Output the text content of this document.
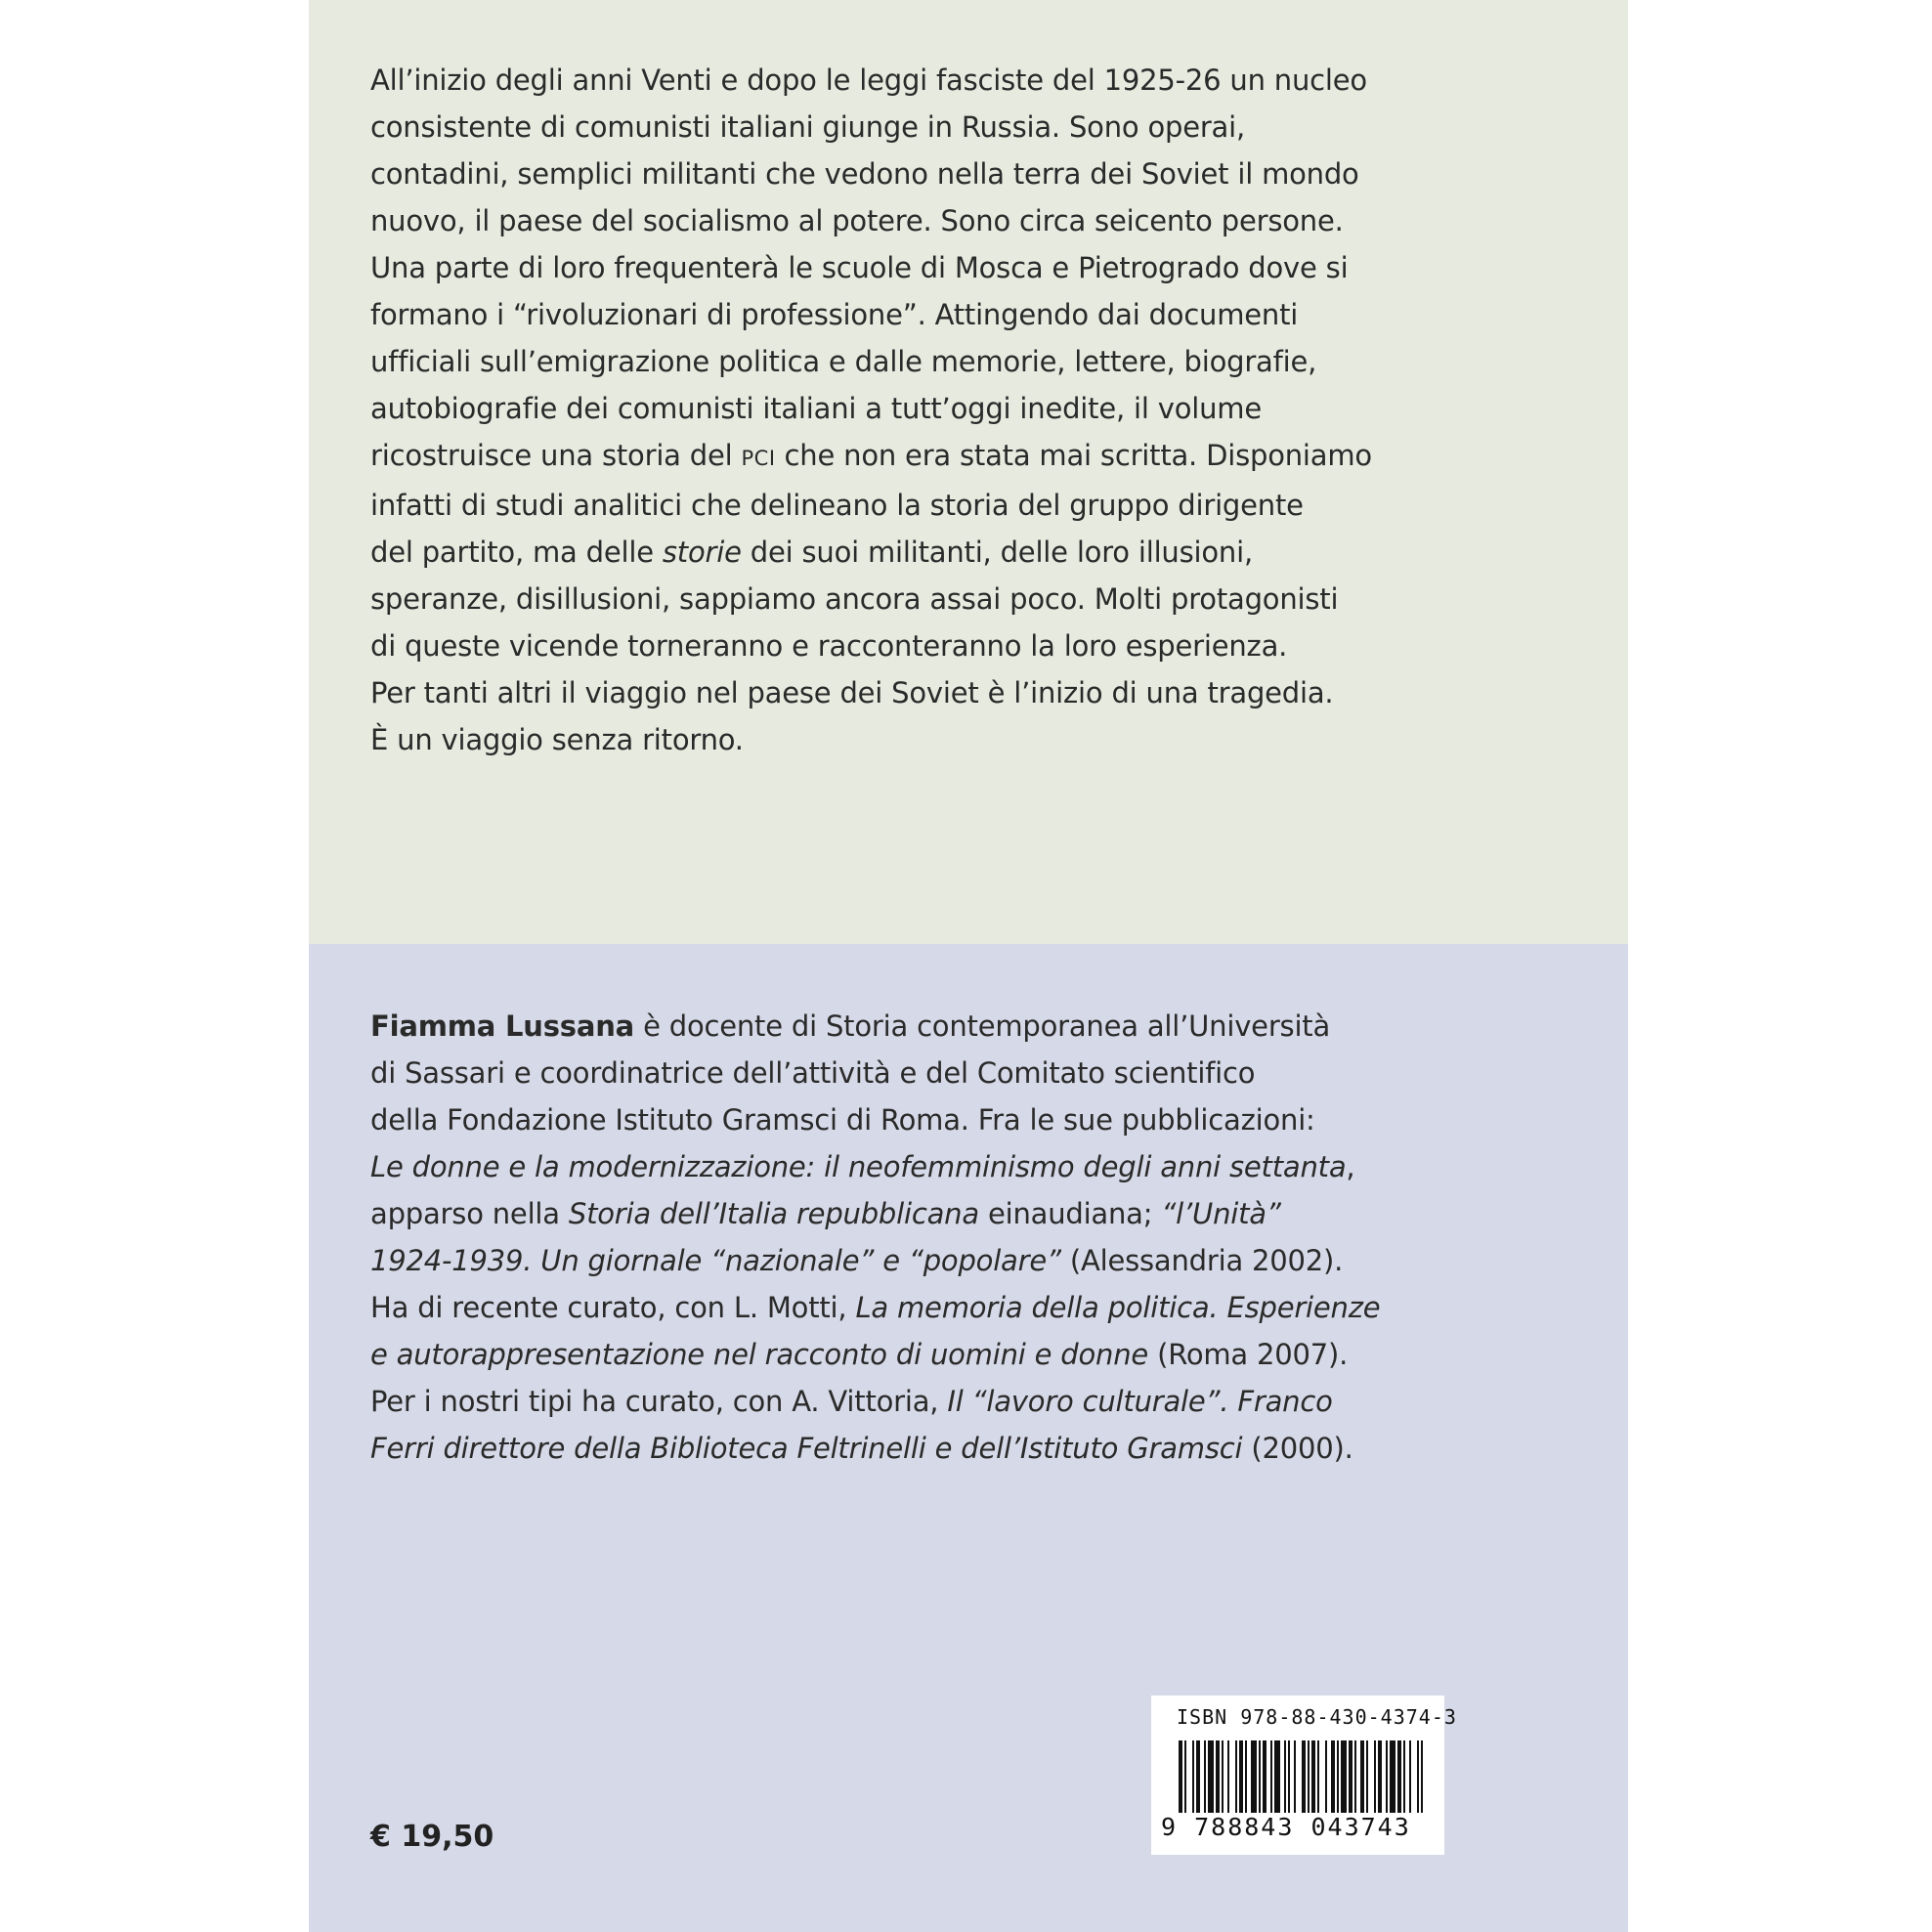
All’inizio degli anni Venti e dopo le leggi fasciste del 1925-26 un nucleo
consistente di comunisti italiani giunge in Russia. Sono operai,
contadini, semplici militanti che vedono nella terra dei Soviet il mondo
nuovo, il paese del socialismo al potere. Sono circa seicento persone.
Una parte di loro frequenterà le scuole di Mosca e Pietrogrado dove si
formano i “rivoluzionari di professione”. Attingendo dai documenti
ufficiali sull’emigrazione politica e dalle memorie, lettere, biografie,
autobiografie dei comunisti italiani a tutt’oggi inedite, il volume
ricostruisce una storia del PCI che non era stata mai scritta. Disponiamo
infatti di studi analitici che delineano la storia del gruppo dirigente
del partito, ma delle storie dei suoi militanti, delle loro illusioni,
speranze, disillusioni, sappiamo ancora assai poco. Molti protagonisti
di queste vicende torneranno e racconteranno la loro esperienza.
Per tanti altri il viaggio nel paese dei Soviet è l’inizio di una tragedia.
È un viaggio senza ritorno.
Fiamma Lussana è docente di Storia contemporanea all’Università
di Sassari e coordinatrice dell’attività e del Comitato scientifico
della Fondazione Istituto Gramsci di Roma. Fra le sue pubblicazioni:
Le donne e la modernizzazione: il neofemminismo degli anni settanta,
apparso nella Storia dell’Italia repubblicana einaudiana; “l’Unità”
1924-1939. Un giornale “nazionale” e “popolare” (Alessandria 2002).
Ha di recente curato, con L. Motti, La memoria della politica. Esperienze
e autorappresentazione nel racconto di uomini e donne (Roma 2007).
Per i nostri tipi ha curato, con A. Vittoria, Il “lavoro culturale”. Franco
Ferri direttore della Biblioteca Feltrinelli e dell’Istituto Gramsci (2000).
€ 19,50
ISBN 978-88-430-4374-3
9 788843 043743
